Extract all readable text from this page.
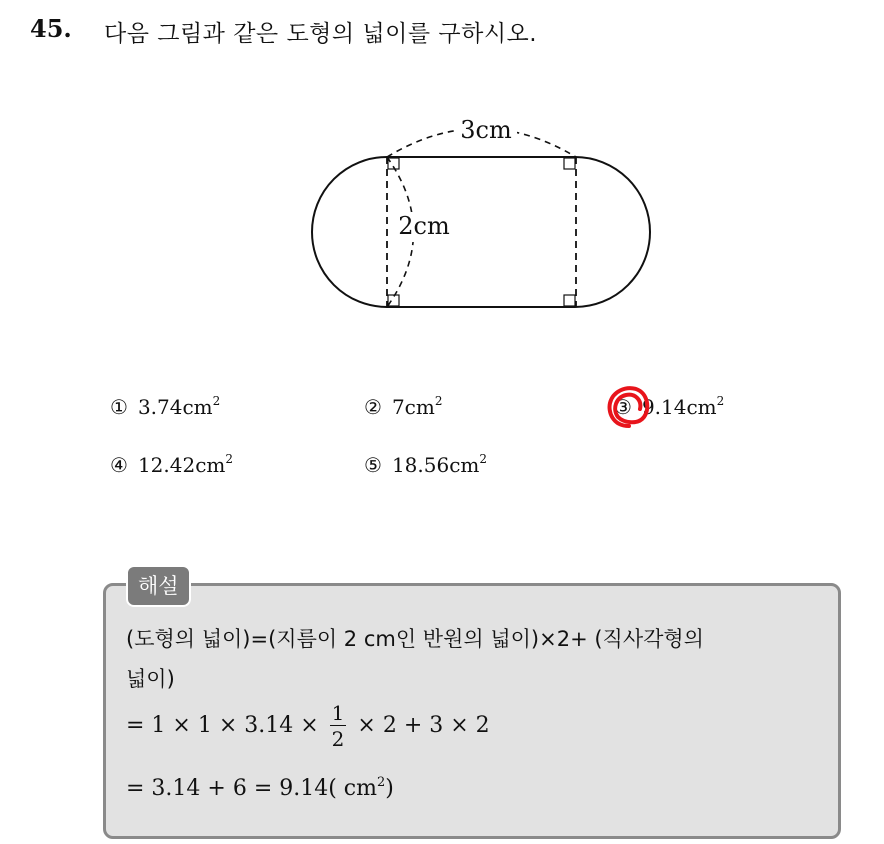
45. 다음 그림과 같은 도형의 넓이를 구하시오.
3cm
2cm
① $3.74cm^2$	② $7cm^2$	③ $9.14cm^2$
④ $12.42cm^2$	⑤ $18.56cm^2$
해설
(도형의 넓이)=(지름이 2 cm인 반원의 넓이)×2+ (직사각형의
넓이)
= $1 \times 1 \times 3.14 \times \frac{1}{2} \times 2 + 3 \times 2$
= 3.14 + 6 = 9.14( $cm^2$)
